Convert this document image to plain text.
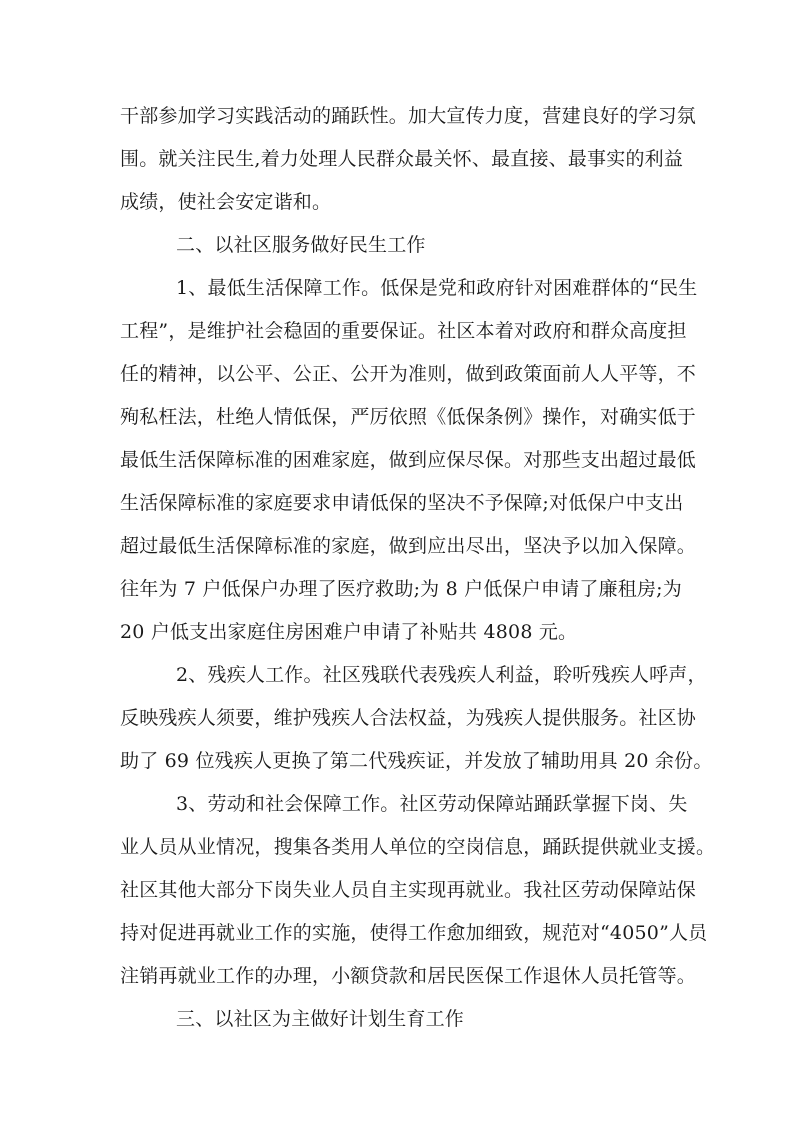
干部参加学习实践活动的踊跃性。加大宣传力度，营建良好的学习氛
围。就关注民生,着力处理人民群众最关怀、最直接、最事实的利益
成绩，使社会安定谐和。
二、以社区服务做好民生工作
1、最低生活保障工作。低保是党和政府针对困难群体的“民生
工程”，是维护社会稳固的重要保证。社区本着对政府和群众高度担
任的精神，以公平、公正、公开为准则，做到政策面前人人平等，不
殉私枉法，杜绝人情低保，严厉依照《低保条例》操作，对确实低于
最低生活保障标准的困难家庭，做到应保尽保。对那些支出超过最低
生活保障标准的家庭要求申请低保的坚决不予保障;对低保户中支出
超过最低生活保障标准的家庭，做到应出尽出，坚决予以加入保障。
往年为 7 户低保户办理了医疗救助;为 8 户低保户申请了廉租房;为
20 户低支出家庭住房困难户申请了补贴共 4808 元。
2、残疾人工作。社区残联代表残疾人利益，聆听残疾人呼声，
反映残疾人须要，维护残疾人合法权益，为残疾人提供服务。社区协
助了 69 位残疾人更换了第二代残疾证，并发放了辅助用具 20 余份。
3、劳动和社会保障工作。社区劳动保障站踊跃掌握下岗、失
业人员从业情况，搜集各类用人单位的空岗信息，踊跃提供就业支援。
社区其他大部分下岗失业人员自主实现再就业。我社区劳动保障站保
持对促进再就业工作的实施，使得工作愈加细致，规范对“4050”人员
注销再就业工作的办理，小额贷款和居民医保工作退休人员托管等。
三、以社区为主做好计划生育工作
